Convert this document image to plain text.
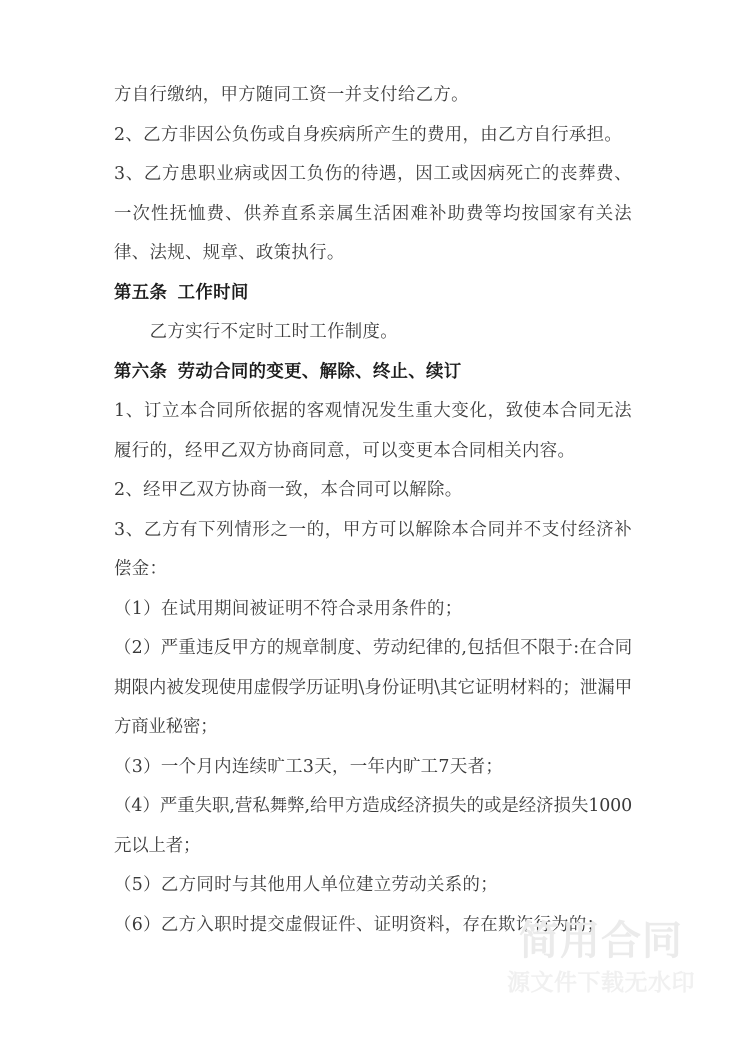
方自行缴纳，甲方随同工资一并支付给乙方。

2、乙方非因公负伤或自身疾病所产生的费用，由乙方自行承担。

3、乙方患职业病或因工负伤的待遇，因工或因病死亡的丧葬费、一次性抚恤费、供养直系亲属生活困难补助费等均按国家有关法律、法规、规章、政策执行。

第五条 工作时间

乙方实行不定时工时工作制度。

第六条 劳动合同的变更、解除、终止、续订

1、订立本合同所依据的客观情况发生重大变化，致使本合同无法履行的，经甲乙双方协商同意，可以变更本合同相关内容。

2、经甲乙双方协商一致，本合同可以解除。

3、乙方有下列情形之一的，甲方可以解除本合同并不支付经济补偿金：

（1）在试用期间被证明不符合录用条件的；

（2）严重违反甲方的规章制度、劳动纪律的,包括但不限于:在合同期限内被发现使用虚假学历证明\身份证明\其它证明材料的；泄漏甲方商业秘密；

（3）一个月内连续旷工3天，一年内旷工7天者；

（4）严重失职,营私舞弊,给甲方造成经济损失的或是经济损失1000元以上者；

（5）乙方同时与其他用人单位建立劳动关系的；

（6）乙方入职时提交虚假证件、证明资料，存在欺诈行为的；

简用合同
源文件下载无水印
